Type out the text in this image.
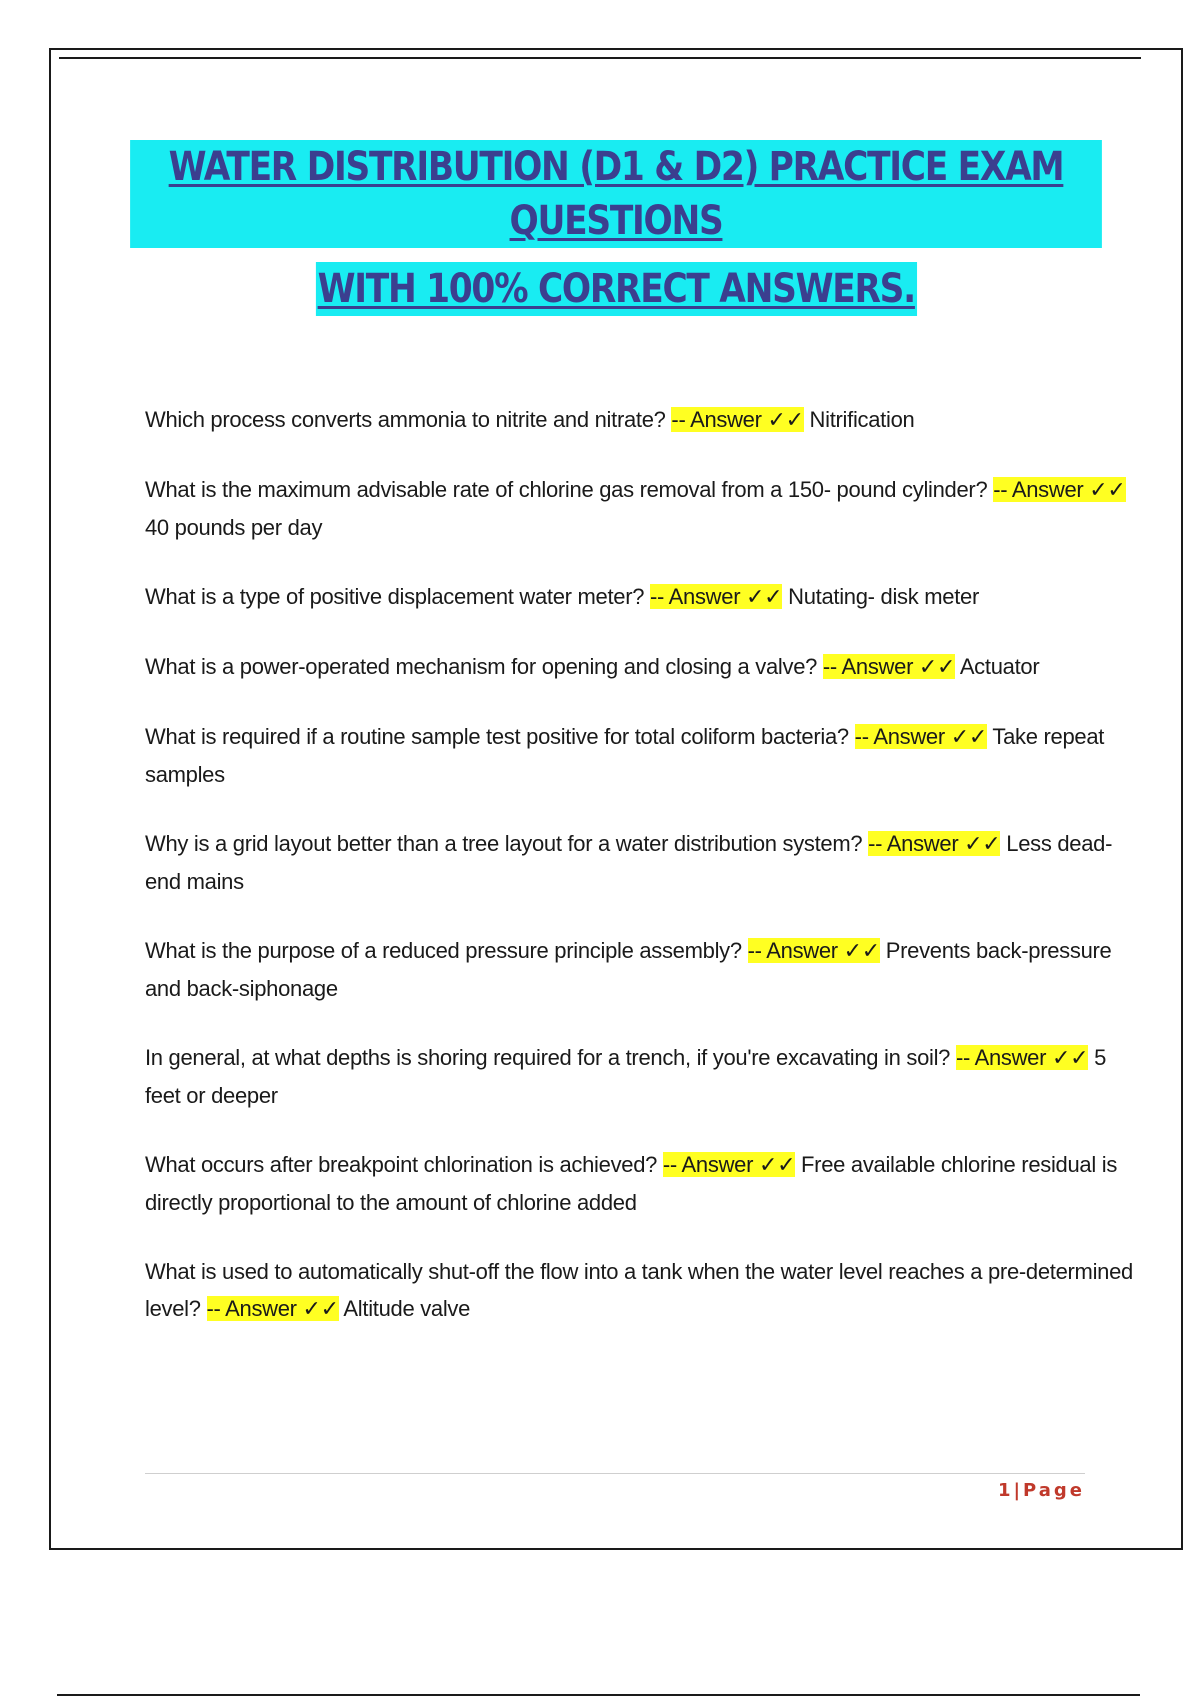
WATER DISTRIBUTION (D1 & D2) PRACTICE EXAM QUESTIONS
WITH 100% CORRECT ANSWERS.

Which process converts ammonia to nitrite and nitrate? -- Answer ✓✓ Nitrification

What is the maximum advisable rate of chlorine gas removal from a 150- pound cylinder? -- Answer ✓✓ 40 pounds per day

What is a type of positive displacement water meter? -- Answer ✓✓ Nutating- disk meter

What is a power-operated mechanism for opening and closing a valve? -- Answer ✓✓ Actuator

What is required if a routine sample test positive for total coliform bacteria? -- Answer ✓✓ Take repeat samples

Why is a grid layout better than a tree layout for a water distribution system? -- Answer ✓✓ Less dead-end mains

What is the purpose of a reduced pressure principle assembly? -- Answer ✓✓ Prevents back-pressure and back-siphonage

In general, at what depths is shoring required for a trench, if you're excavating in soil? -- Answer ✓✓ 5 feet or deeper

What occurs after breakpoint chlorination is achieved? -- Answer ✓✓ Free available chlorine residual is directly proportional to the amount of chlorine added

What is used to automatically shut-off the flow into a tank when the water level reaches a pre-determined level? -- Answer ✓✓ Altitude valve

1|Page
